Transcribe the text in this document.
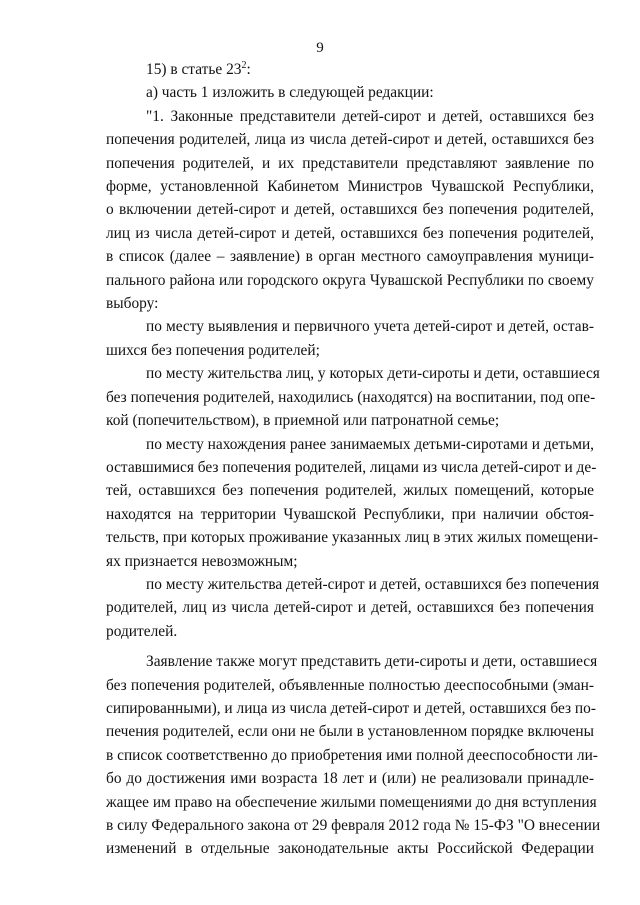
9

15) в статье $23^2$:

а) часть 1 изложить в следующей редакции:

"1. Законные представители детей-сирот и детей, оставшихся без
попечения родителей, лица из числа детей-сирот и детей, оставшихся без
попечения родителей, и их представители представляют заявление по
форме, установленной Кабинетом Министров Чувашской Республики,
о включении детей-сирот и детей, оставшихся без попечения родителей,
лиц из числа детей-сирот и детей, оставшихся без попечения родителей,
в список (далее – заявление) в орган местного самоуправления муници-
пального района или городского округа Чувашской Республики по своему
выбору:
по месту выявления и первичного учета детей-сирот и детей, остав-
шихся без попечения родителей;
по месту жительства лиц, у которых дети-сироты и дети, оставшиеся
без попечения родителей, находились (находятся) на воспитании, под опе-
кой (попечительством), в приемной или патронатной семье;
по месту нахождения ранее занимаемых детьми-сиротами и детьми,
оставшимися без попечения родителей, лицами из числа детей-сирот и де-
тей, оставшихся без попечения родителей, жилых помещений, которые
находятся на территории Чувашской Республики, при наличии обстоя-
тельств, при которых проживание указанных лиц в этих жилых помещени-
ях признается невозможным;
по месту жительства детей-сирот и детей, оставшихся без попечения
родителей, лиц из числа детей-сирот и детей, оставшихся без попечения
родителей.
Заявление также могут представить дети-сироты и дети, оставшиеся
без попечения родителей, объявленные полностью дееспособными (эман-
сипированными), и лица из числа детей-сирот и детей, оставшихся без по-
печения родителей, если они не были в установленном порядке включены
в список соответственно до приобретения ими полной дееспособности ли-
бо до достижения ими возраста 18 лет и (или) не реализовали принадле-
жащее им право на обеспечение жилыми помещениями до дня вступления
в силу Федерального закона от 29 февраля 2012 года № 15-ФЗ "О внесении
изменений в отдельные законодательные акты Российской Федерации
